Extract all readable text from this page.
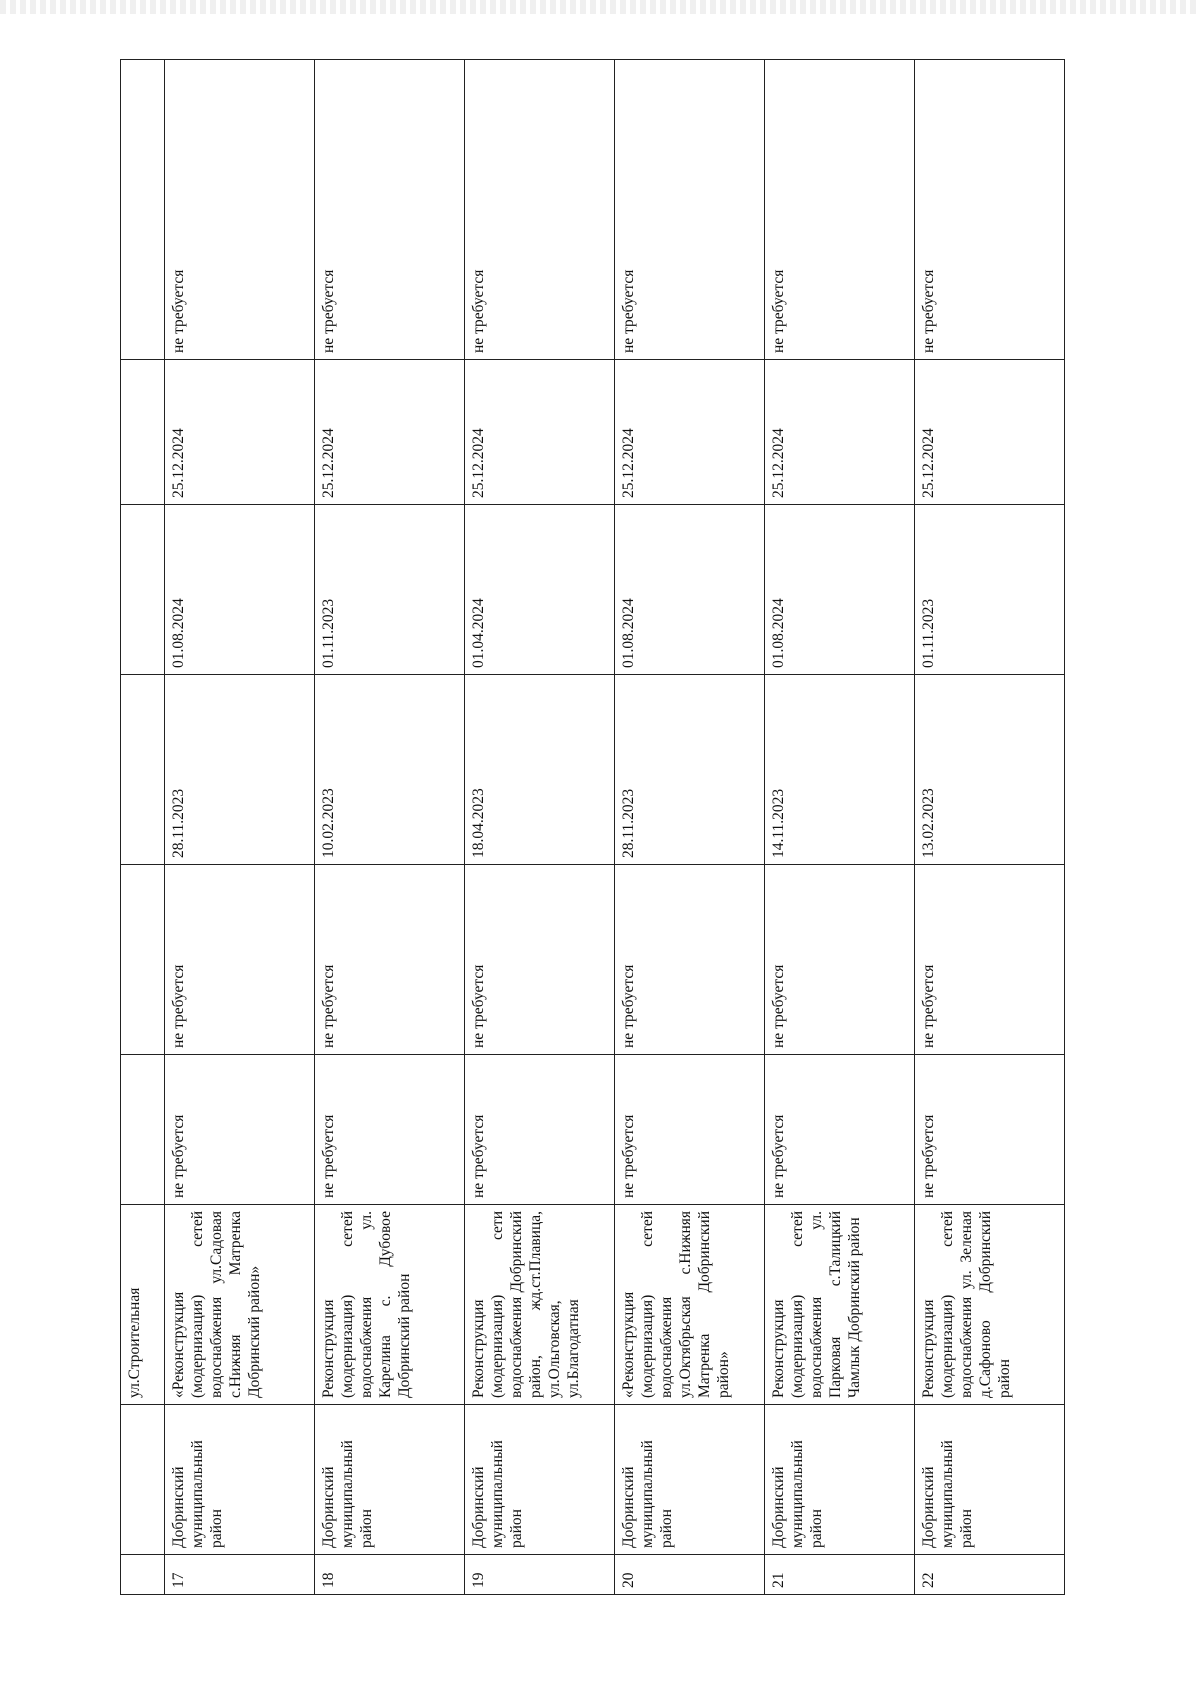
		ул.Строительная						
17	Добринский муниципальный район	«Реконструкция (модернизация) сетей водоснабжения ул.Садовая с.Нижняя Матренка Добринский район»	не требуется	не требуется	28.11.2023	01.08.2024	25.12.2024	не требуется
18	Добринский муниципальный район	Реконструкция (модернизация) сетей водоснабжения ул. Карелина с. Дубовое Добринский район	не требуется	не требуется	10.02.2023	01.11.2023	25.12.2024	не требуется
19	Добринский муниципальный район	Реконструкция (модернизация) сети водоснабжения Добринский район, жд.ст.Плавица, ул.Ольговская, ул.Благодатная	не требуется	не требуется	18.04.2023	01.04.2024	25.12.2024	не требуется
20	Добринский муниципальный район	«Реконструкция (модернизация) сетей водоснабжения ул.Октябрьская с.Нижняя Матренка Добринский район»	не требуется	не требуется	28.11.2023	01.08.2024	25.12.2024	не требуется
21	Добринский муниципальный район	Реконструкция (модернизация) сетей водоснабжения ул. Парковая с.Талицкий Чамлык Добринский район	не требуется	не требуется	14.11.2023	01.08.2024	25.12.2024	не требуется
22	Добринский муниципальный район	Реконструкция (модернизация) сетей водоснабжения ул. Зеленая д.Сафоново Добринский район	не требуется	не требуется	13.02.2023	01.11.2023	25.12.2024	не требуется
